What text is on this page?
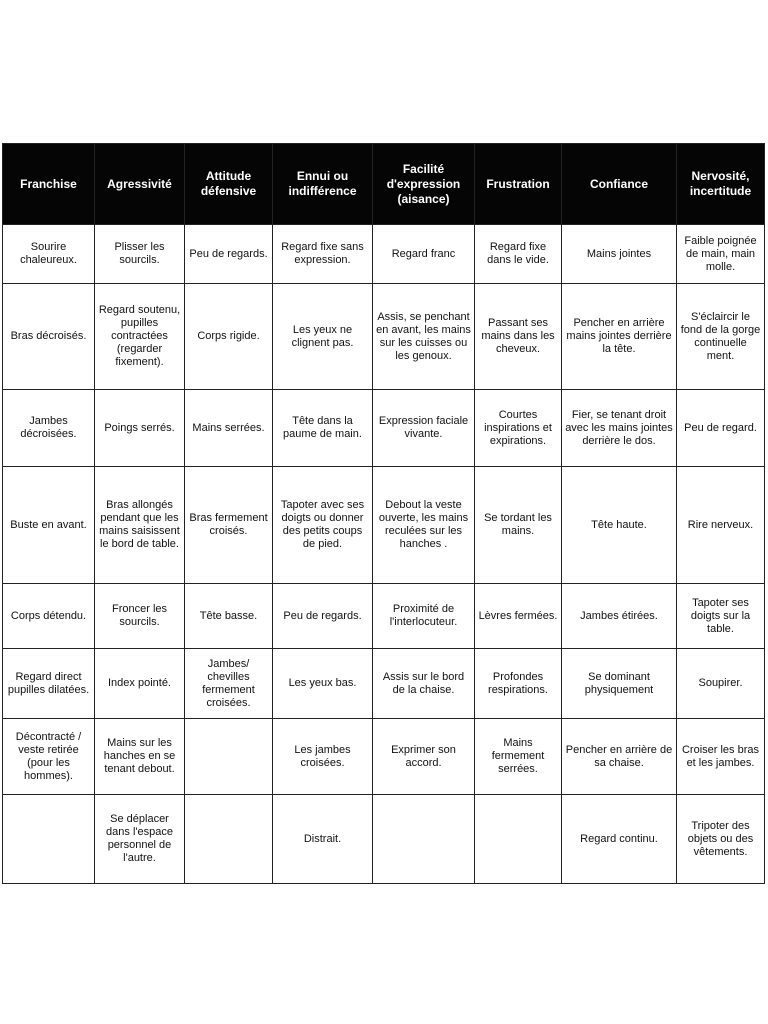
Franchise	Agressivité	Attitude défensive	Ennui ou indifférence	Facilité d'expression (aisance)	Frustration	Confiance	Nervosité, incertitude
Sourire chaleureux.	Plisser les sourcils.	Peu de regards.	Regard fixe sans expression.	Regard franc	Regard fixe dans le vide.	Mains jointes	Faible poignée de main, main molle.
Bras décroisés.	Regard soutenu, pupilles contractées (regarder fixement).	Corps rigide.	Les yeux ne clignent pas.	Assis, se penchant en avant, les mains sur les cuisses ou les genoux.	Passant ses mains dans les cheveux.	Pencher en arrière mains jointes derrière la tête.	S'éclaircir le fond de la gorge continuelle ment.
Jambes décroisées.	Poings serrés.	Mains serrées.	Tête dans la paume de main.	Expression faciale vivante.	Courtes inspirations et expirations.	Fier, se tenant droit avec les mains jointes derrière le dos.	Peu de regard.
Buste en avant.	Bras allongés pendant que les mains saisissent le bord de table.	Bras fermement croisés.	Tapoter avec ses doigts ou donner des petits coups de pied.	Debout la veste ouverte, les mains reculées sur les hanches .	Se tordant les mains.	Tête haute.	Rire nerveux.
Corps détendu.	Froncer les sourcils.	Tête basse.	Peu de regards.	Proximité de l'interlocuteur.	Lèvres fermées.	Jambes étirées.	Tapoter ses doigts sur la table.
Regard direct pupilles dilatées.	Index pointé.	Jambes/ chevilles fermement croisées.	Les yeux bas.	Assis sur le bord de la chaise.	Profondes respirations.	Se dominant physiquement	Soupirer.
Décontracté / veste retirée (pour les hommes).	Mains sur les hanches en se tenant debout.		Les jambes croisées.	Exprimer son accord.	Mains fermement serrées.	Pencher en arrière de sa chaise.	Croiser les bras et les jambes.
	Se déplacer dans l'espace personnel de l'autre.		Distrait.			Regard continu.	Tripoter des objets ou des vêtements.
